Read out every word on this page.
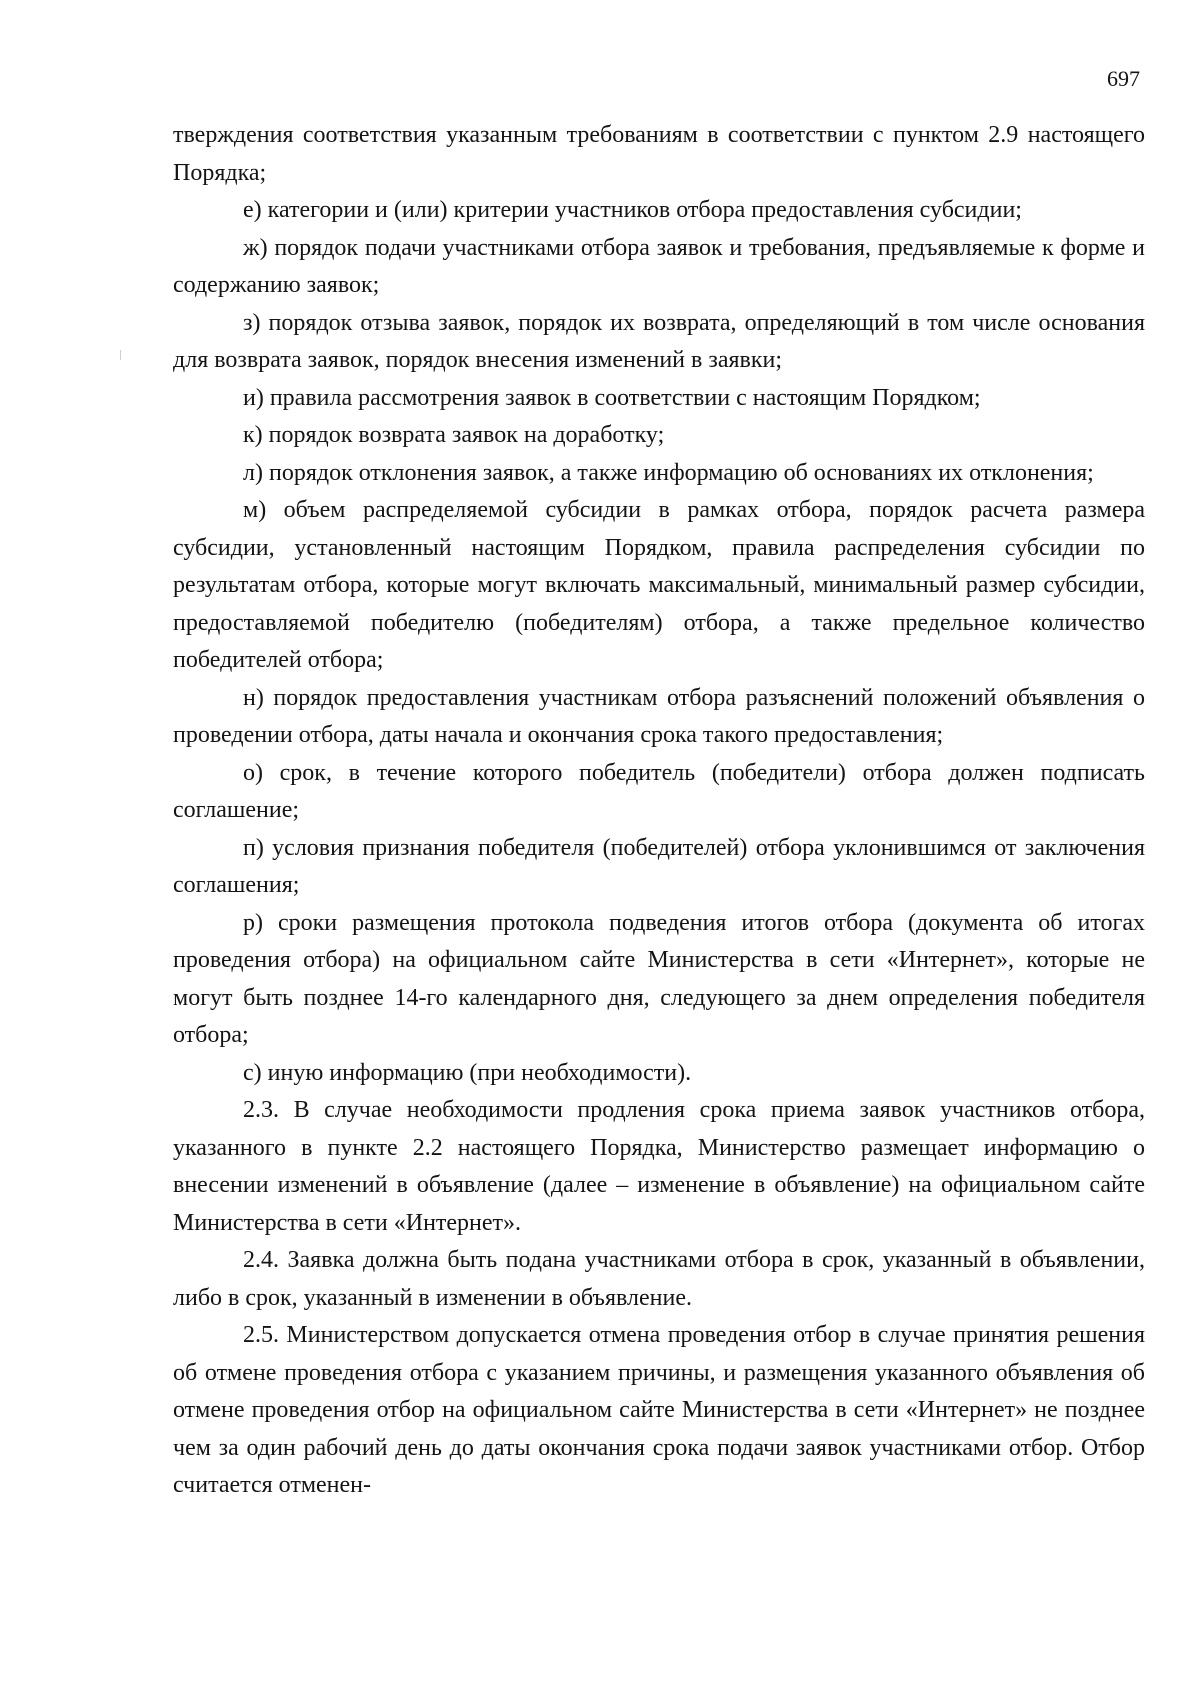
697

тверждения соответствия указанным требованиям в соответствии с пунктом 2.9 настоящего Порядка;

е) категории и (или) критерии участников отбора предоставления субсидии;

ж) порядок подачи участниками отбора заявок и требования, предъявляемые к форме и содержанию заявок;

з) порядок отзыва заявок, порядок их возврата, определяющий в том числе основания для возврата заявок, порядок внесения изменений в заявки;

и) правила рассмотрения заявок в соответствии с настоящим Порядком;

к) порядок возврата заявок на доработку;

л) порядок отклонения заявок, а также информацию об основаниях их отклонения;

м) объем распределяемой субсидии в рамках отбора, порядок расчета размера субсидии, установленный настоящим Порядком, правила распределения субсидии по результатам отбора, которые могут включать максимальный, минимальный размер субсидии, предоставляемой победителю (победителям) отбора, а также предельное количество победителей отбора;

н) порядок предоставления участникам отбора разъяснений положений объявления о проведении отбора, даты начала и окончания срока такого предоставления;

о) срок, в течение которого победитель (победители) отбора должен подписать соглашение;

п) условия признания победителя (победителей) отбора уклонившимся от заключения соглашения;

р) сроки размещения протокола подведения итогов отбора (документа об итогах проведения отбора) на официальном сайте Министерства в сети «Интернет», которые не могут быть позднее 14-го календарного дня, следующего за днем определения победителя отбора;

с) иную информацию (при необходимости).

2.3. В случае необходимости продления срока приема заявок участников отбора, указанного в пункте 2.2 настоящего Порядка, Министерство размещает информацию о внесении изменений в объявление (далее – изменение в объявление) на официальном сайте Министерства в сети «Интернет».

2.4. Заявка должна быть подана участниками отбора в срок, указанный в объявлении, либо в срок, указанный в изменении в объявление.

2.5. Министерством допускается отмена проведения отбор в случае принятия решения об отмене проведения отбора с указанием причины, и размещения указанного объявления об отмене проведения отбор на официальном сайте Министерства в сети «Интернет» не позднее чем за один рабочий день до даты окончания срока подачи заявок участниками отбор. Отбор считается отменен-
